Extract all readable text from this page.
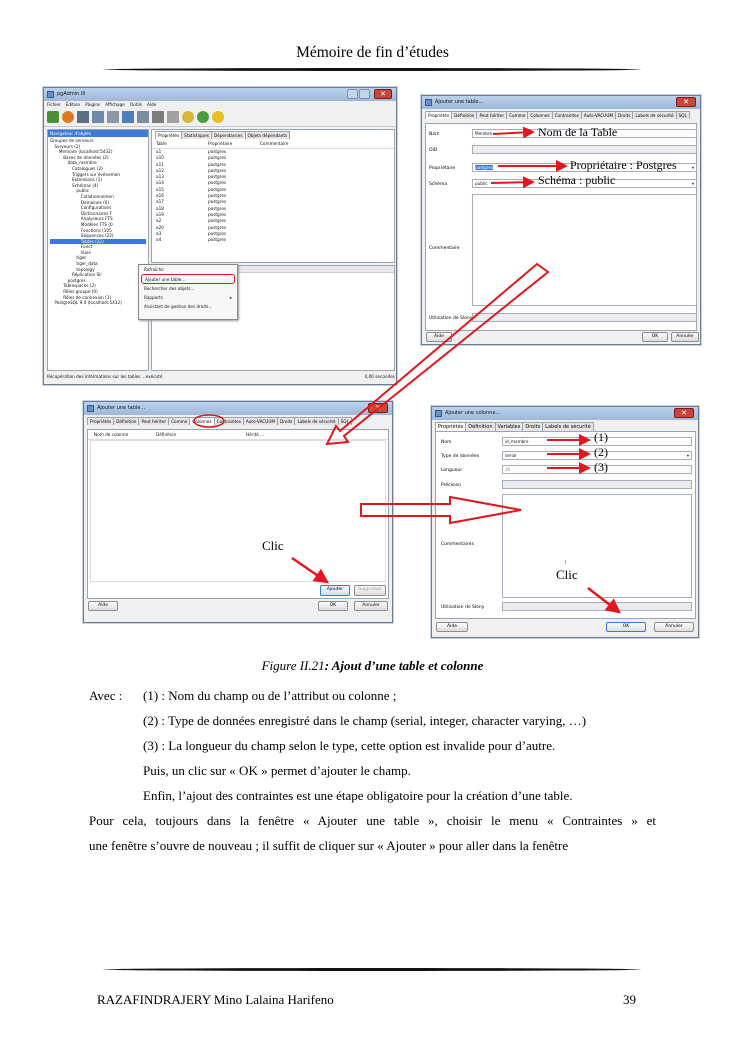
Mémoire de fin d’études
pgAdmin III	✕
Fichier Édition Plugins Affichage Outils Aide
Navigateur d'objets
Groupes de serveurs
Serveurs (2)
Memoire (localhost:5432)
Bases de données (2)
data_membre
Catalogues (2)
Triggers sur événemen
Extensions (1)
Schémas (4)
public
Collationnemen
Domaines (0)
Configurations
Dictionnaires F
Analyseurs FTS
Modèles FTS (0
Fonctions (105
Séquences (22)
Tables (22)
Fonct
Vues
tiger
tiger_data
topology
Réplication Sli
postgres
Tablespaces (2)
Rôles groupe (0)
Rôles de connexion (1)
PostgreSQL 9.4 (localhost:5432)
Propriétés	Statistiques	Dépendances	Objets dépendants
Table	Propriétaire	Commentaire
a1	postgres
a10	postgres
a11	postgres
a12	postgres
a13	postgres
a14	postgres
a15	postgres
a16	postgres
a17	postgres
a18	postgres
a19	postgres
a2	postgres
a20	postgres
a3	postgres
a4	postgres
Rafraîchir
Ajouter une table...
Rechercher des objets...
Rapports	▸
Assistant de gestion des droits...
Récupération des informations sur les tables ...exécuté	0,00 secondes
Ajouter une table...	✕
Propriétés	Définition	Peut hériter	Comme	Colonnes	Contraintes	Auto-VACUUM	Droits	Labels de sécurité	SQL
Nom	Membre
OID
Propriétaire	postgres	▾
Schéma	public	▾
Commentaire
Utilisation de Slony
Aide	OK	Annuler
Nom de la Table
Propriétaire : Postgres
Schéma : public
Ajouter une table...	✕
Propriétés	Définition	Peut hériter	Comme	Colonnes	Contraintes	Auto-VACUUM	Droits	Labels de sécurité	SQL
Nom de colonne	Définition	Hérité ...
Ajouter	Supprimer
Aide	OK	Annuler
Clic
Ajouter une colonne...	✕
Propriétés	Définition	Variables	Droits	Labels de sécurité
Nom	id_membre
Type de données	serial	▾
Longueur	30
Précision
Commentaires
Utilisation de Slony
Aide	OK	Annuler
(1)
(2)
(3)
Clic
I
Figure II.21: Ajout d’une table et colonne
Avec : (1) : Nom du champ ou de l’attribut ou colonne ;
(2) : Type de données enregistré dans le champ (serial, integer, character varying, …)
(3) : La longueur du champ selon le type, cette option est invalide pour d’autre.
Puis, un clic sur « OK » permet d’ajouter le champ.
Enfin, l’ajout des contraintes est une étape obligatoire pour la création d’une table.
Pour cela, toujours dans la fenêtre « Ajouter une table », choisir le menu « Contraintes » et
une fenêtre s’ouvre de nouveau ; il suffit de cliquer sur « Ajouter » pour aller dans la fenêtre
RAZAFINDRAJERY Mino Lalaina Harifeno	39
